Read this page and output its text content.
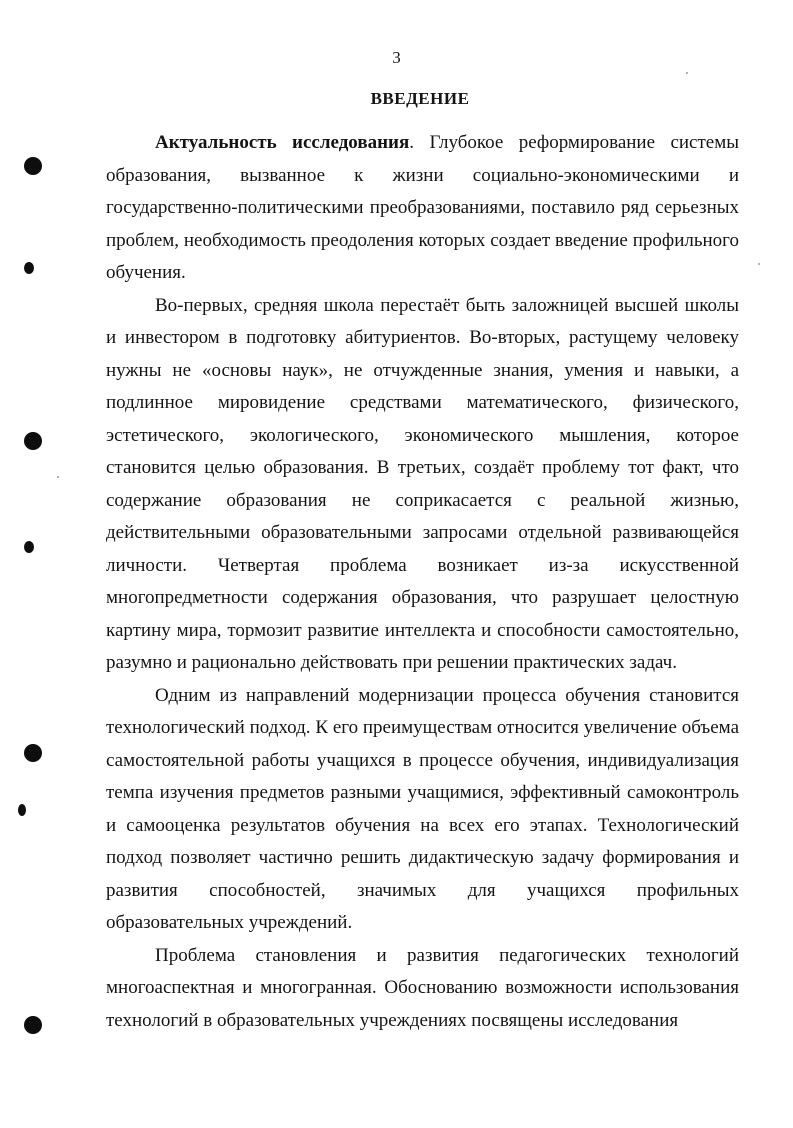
3
ВВЕДЕНИЕ

Актуальность исследования. Глубокое реформирование системы образования, вызванное к жизни социально-экономическими и государственно-политическими преобразованиями, поставило ряд серьезных проблем, необходимость преодоления которых создает введение профильного обучения.

Во-первых, средняя школа перестаёт быть заложницей высшей школы и инвестором в подготовку абитуриентов. Во-вторых, растущему человеку нужны не «основы наук», не отчужденные знания, умения и навыки, а подлинное мировидение средствами математического, физического, эстетического, экологического, экономического мышления, которое становится целью образования. В третьих, создаёт проблему тот факт, что содержание образования не соприкасается с реальной жизнью, действительными образовательными запросами отдельной развивающейся личности. Четвертая проблема возникает из-за искусственной многопредметности содержания образования, что разрушает целостную картину мира, тормозит развитие интеллекта и способности самостоятельно, разумно и рационально действовать при решении практических задач.

Одним из направлений модернизации процесса обучения становится технологический подход. К его преимуществам относится увеличение объема самостоятельной работы учащихся в процессе обучения, индивидуализация темпа изучения предметов разными учащимися, эффективный самоконтроль и самооценка результатов обучения на всех его этапах. Технологический подход позволяет частично решить дидактическую задачу формирования и развития способностей, значимых для учащихся профильных образовательных учреждений.

Проблема становления и развития педагогических технологий многоаспектная и многогранная. Обоснованию возможности использования технологий в образовательных учреждениях посвящены исследования
